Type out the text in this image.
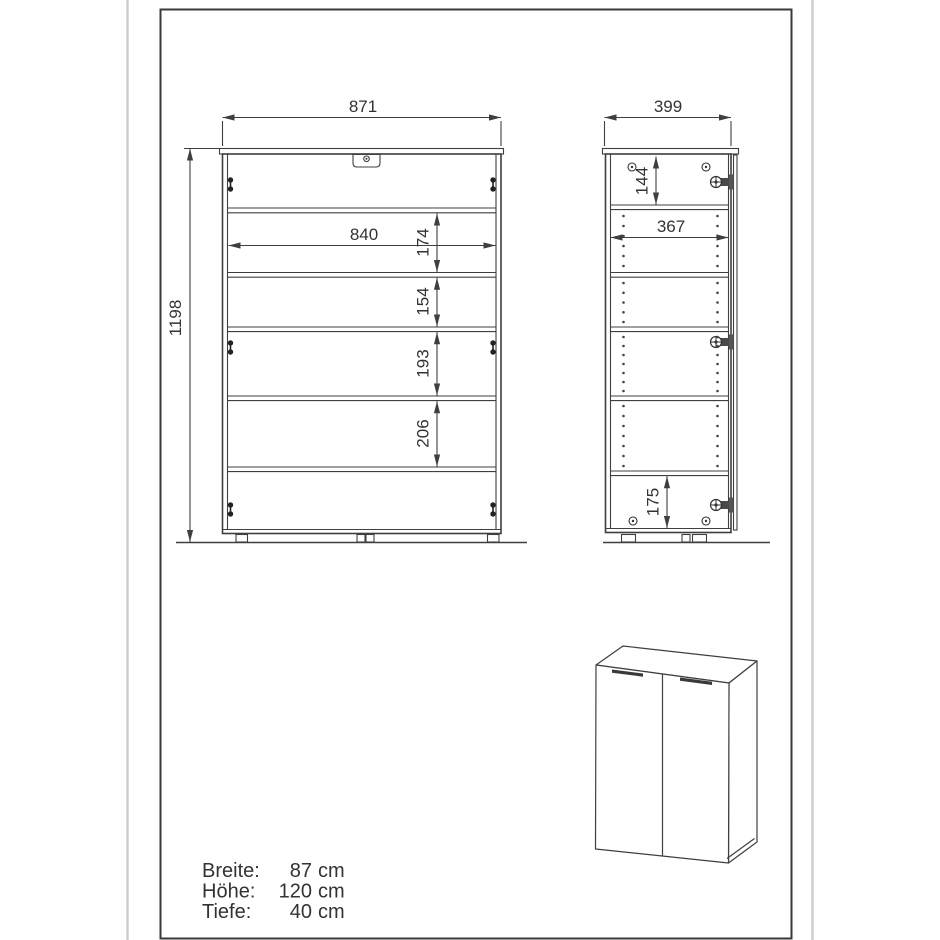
871
1198
840 174
154
193
206
399
144
367
175
Breite: 87 cm
Höhe: 120 cm
Tiefe: 40 cm
